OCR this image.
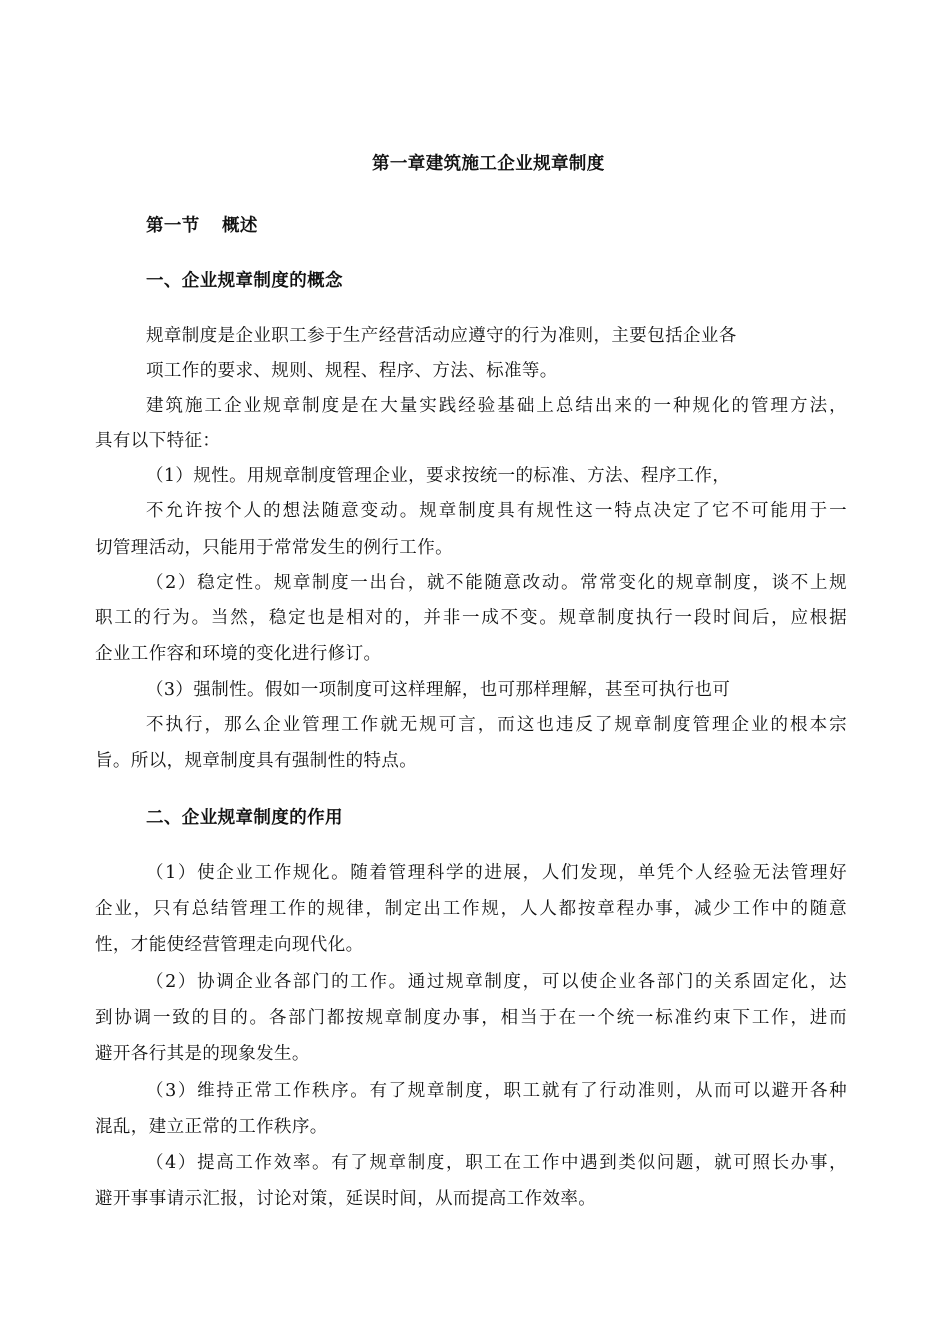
第一章建筑施工企业规章制度
第一节 概述
一、企业规章制度的概念
规章制度是企业职工参于生产经营活动应遵守的行为准则，主要包括企业各
项工作的要求、规则、规程、程序、方法、标准等。
建筑施工企业规章制度是在大量实践经验基础上总结出来的一种规化的管理方法，
具有以下特征：
（1）规性。用规章制度管理企业，要求按统一的标准、方法、程序工作，
不允许按个人的想法随意变动。规章制度具有规性这一特点决定了它不可能用于一
切管理活动，只能用于常常发生的例行工作。
（2）稳定性。规章制度一出台，就不能随意改动。常常变化的规章制度，谈不上规
职工的行为。当然，稳定也是相对的，并非一成不变。规章制度执行一段时间后，应根据
企业工作容和环境的变化进行修订。
（3）强制性。假如一项制度可这样理解，也可那样理解，甚至可执行也可
不执行，那么企业管理工作就无规可言，而这也违反了规章制度管理企业的根本宗
旨。所以，规章制度具有强制性的特点。
二、企业规章制度的作用
（1）使企业工作规化。随着管理科学的进展，人们发现，单凭个人经验无法管理好
企业，只有总结管理工作的规律，制定出工作规，人人都按章程办事，减少工作中的随意
性，才能使经营管理走向现代化。
（2）协调企业各部门的工作。通过规章制度，可以使企业各部门的关系固定化，达
到协调一致的目的。各部门都按规章制度办事，相当于在一个统一标准约束下工作，进而
避开各行其是的现象发生。
（3）维持正常工作秩序。有了规章制度，职工就有了行动准则，从而可以避开各种
混乱，建立正常的工作秩序。
（4）提高工作效率。有了规章制度，职工在工作中遇到类似问题，就可照长办事，
避开事事请示汇报，讨论对策，延误时间，从而提高工作效率。
